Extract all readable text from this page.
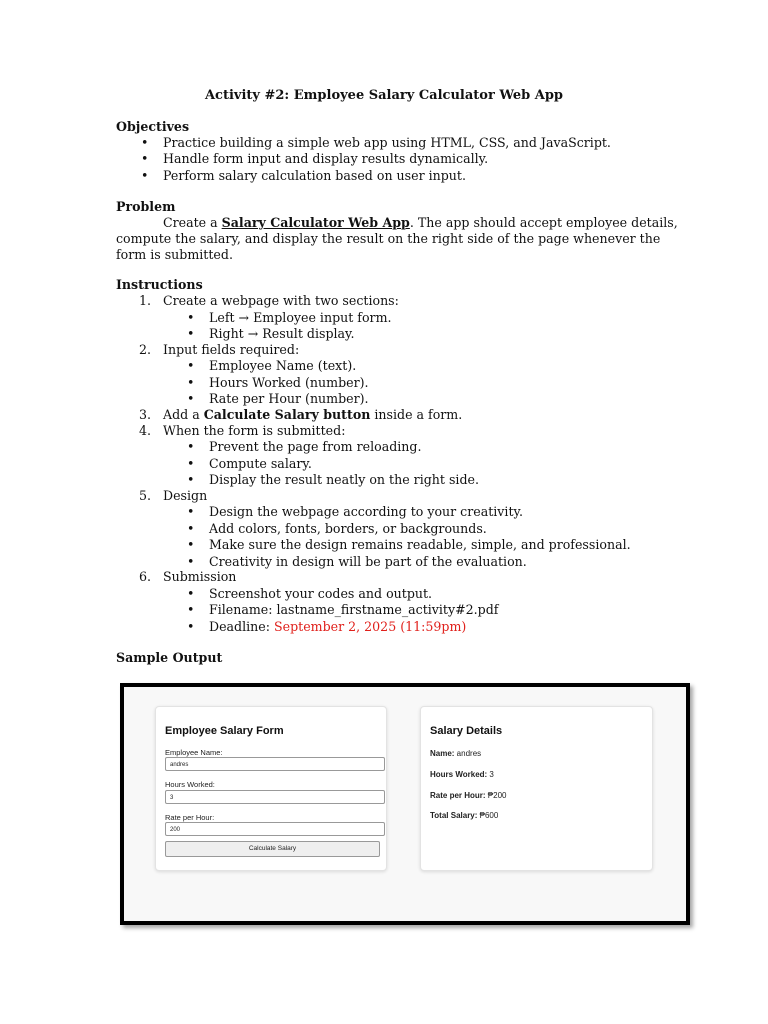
Activity #2: Employee Salary Calculator Web App
Objectives
• Practice building a simple web app using HTML, CSS, and JavaScript.
• Handle form input and display results dynamically.
• Perform salary calculation based on user input.
Problem
Create a Salary Calculator Web App. The app should accept employee details,
compute the salary, and display the result on the right side of the page whenever the
form is submitted.
Instructions
1. Create a webpage with two sections:
• Left → Employee input form.
• Right → Result display.
2. Input fields required:
• Employee Name (text).
• Hours Worked (number).
• Rate per Hour (number).
3. Add a Calculate Salary button inside a form.
4. When the form is submitted:
• Prevent the page from reloading.
• Compute salary.
• Display the result neatly on the right side.
5. Design
• Design the webpage according to your creativity.
• Add colors, fonts, borders, or backgrounds.
• Make sure the design remains readable, simple, and professional.
• Creativity in design will be part of the evaluation.
6. Submission
• Screenshot your codes and output.
• Filename: lastname_firstname_activity#2.pdf
• Deadline: September 2, 2025 (11:59pm)
Sample Output
Employee Salary Form
Employee Name:
andres
Hours Worked:
3
Rate per Hour:
200
Calculate Salary
Salary Details
Name: andres
Hours Worked: 3
Rate per Hour: ₱200
Total Salary: ₱600
